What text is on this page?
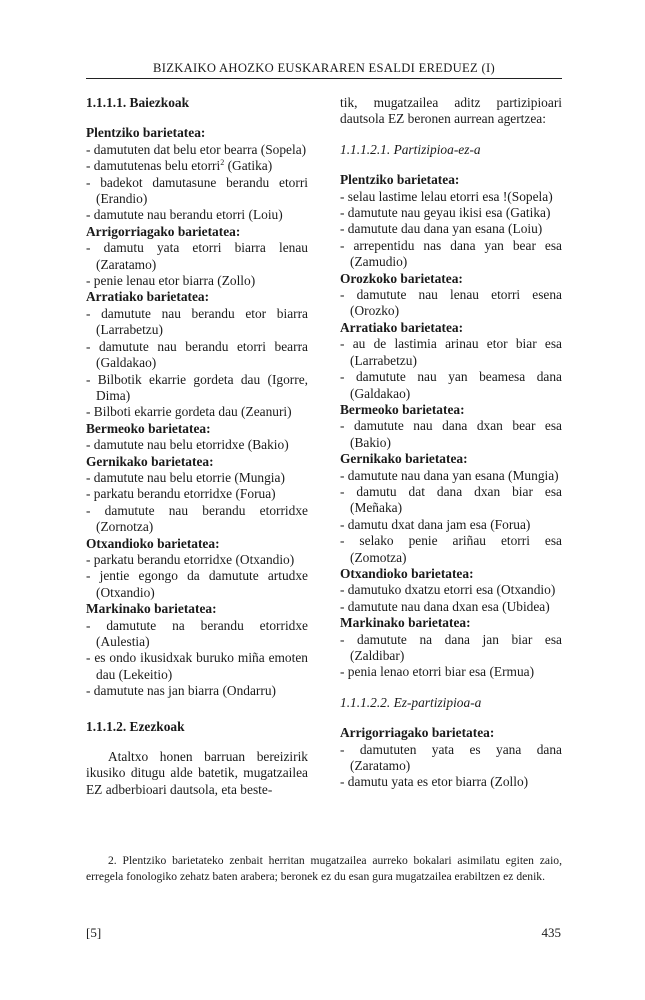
BIZKAIKO AHOZKO EUSKARAREN ESALDI EREDUEZ (I)

1.1.1.1. Baiezkoak

Plentziko barietatea:

- damututen dat belu etor bearra (Sopela)

- damututenas belu etorri$^2$ (Gatika)

- badekot damutasune berandu etorri (Erandio)

- damutute nau berandu etorri (Loiu)

Arrigorriagako barietatea:

- damutu yata etorri biarra lenau (Zaratamo)

- penie lenau etor biarra (Zollo)

Arratiako barietatea:

- damutute nau berandu etor biarra (Larrabetzu)

- damutute nau berandu etorri bearra (Galdakao)

- Bilbotik ekarrie gordeta dau (Igorre, Dima)

- Bilboti ekarrie gordeta dau (Zeanuri)

Bermeoko barietatea:

- damutute nau belu etorridxe (Bakio)

Gernikako barietatea:

- damutute nau belu etorrie (Mungia)

- parkatu berandu etorridxe (Forua)

- damutute nau berandu etorridxe (Zornotza)

Otxandioko barietatea:

- parkatu berandu etorridxe (Otxandio)

- jentie egongo da damutute artudxe (Otxandio)

Markinako barietatea:

- damutute na berandu etorridxe (Aulestia)

- es ondo ikusidxak buruko miña emoten dau (Lekeitio)

- damutute nas jan biarra (Ondarru)

1.1.1.2. Ezezkoak

Ataltxo honen barruan bereizirik ikusiko ditugu alde batetik, mugatzailea EZ adberbioari dautsola, eta beste-

tik, mugatzailea aditz partizipioari dautsola EZ beronen aurrean agertzea:

1.1.1.2.1. Partizipioa-ez-a

Plentziko barietatea:

- selau lastime lelau etorri esa !(Sopela)

- damutute nau geyau ikisi esa (Gatika)

- damutute dau dana yan esana (Loiu)

- arrepentidu nas dana yan bear esa (Zamudio)

Orozkoko barietatea:

- damutute nau lenau etorri esena (Orozko)

Arratiako barietatea:

- au de lastimia arinau etor biar esa (Larrabetzu)

- damutute nau yan beamesa dana (Galdakao)

Bermeoko barietatea:

- damutute nau dana dxan bear esa (Bakio)

Gernikako barietatea:

- damutute nau dana yan esana (Mungia)

- damutu dat dana dxan biar esa (Meñaka)

- damutu dxat dana jam esa (Forua)

- selako penie ariñau etorri esa (Zomotza)

Otxandioko barietatea:

- damutuko dxatzu etorri esa (Otxandio)

- damutute nau dana dxan esa (Ubidea)

Markinako barietatea:

- damutute na dana jan biar esa (Zaldibar)

- penia lenao etorri biar esa (Ermua)

1.1.1.2.2. Ez-partizipioa-a

Arrigorriagako barietatea:

- damututen yata es yana dana (Zaratamo)

- damutu yata es etor biarra (Zollo)

2. Plentziko barietateko zenbait herritan mugatzailea aurreko bokalari asimilatu egiten zaio, erregela fonologiko zehatz baten arabera; beronek ez du esan gura mugatzailea erabiltzen ez denik.

[5]	435
